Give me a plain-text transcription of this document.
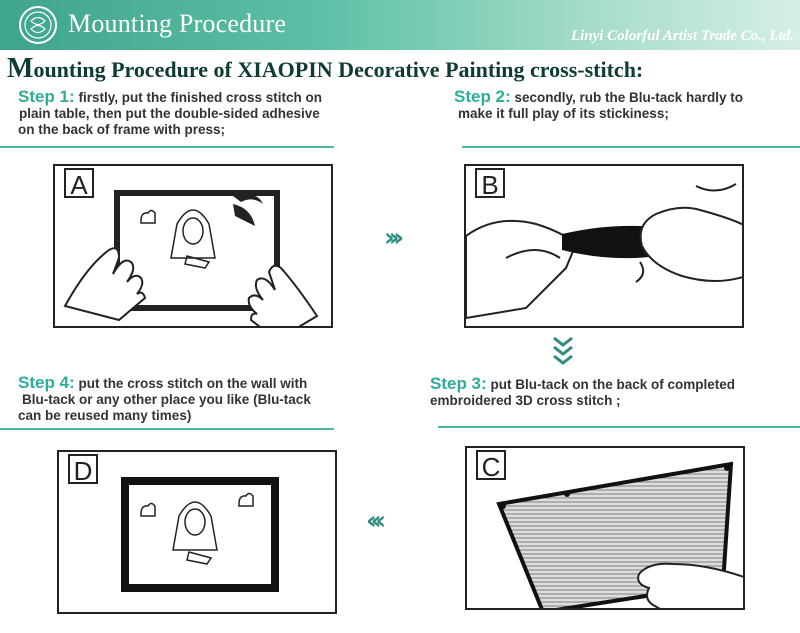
Mounting Procedure	Linyi Colorful Artist Trade Co., Ltd.
Mounting Procedure of XIAOPIN Decorative Painting cross-stitch:
Step 1: firstly, put the finished cross stitch on
plain table, then put the double-sided adhesive
on the back of frame with press;
Step 2: secondly, rub the Blu-tack hardly to
make it full play of its stickiness;
A
›››
B
Step 4: put the cross stitch on the wall with
Blu-tack or any other place you like (Blu-tack
can be reused many times)
Step 3: put Blu-tack on the back of completed
embroidered 3D cross stitch ;
D
‹‹‹
C
